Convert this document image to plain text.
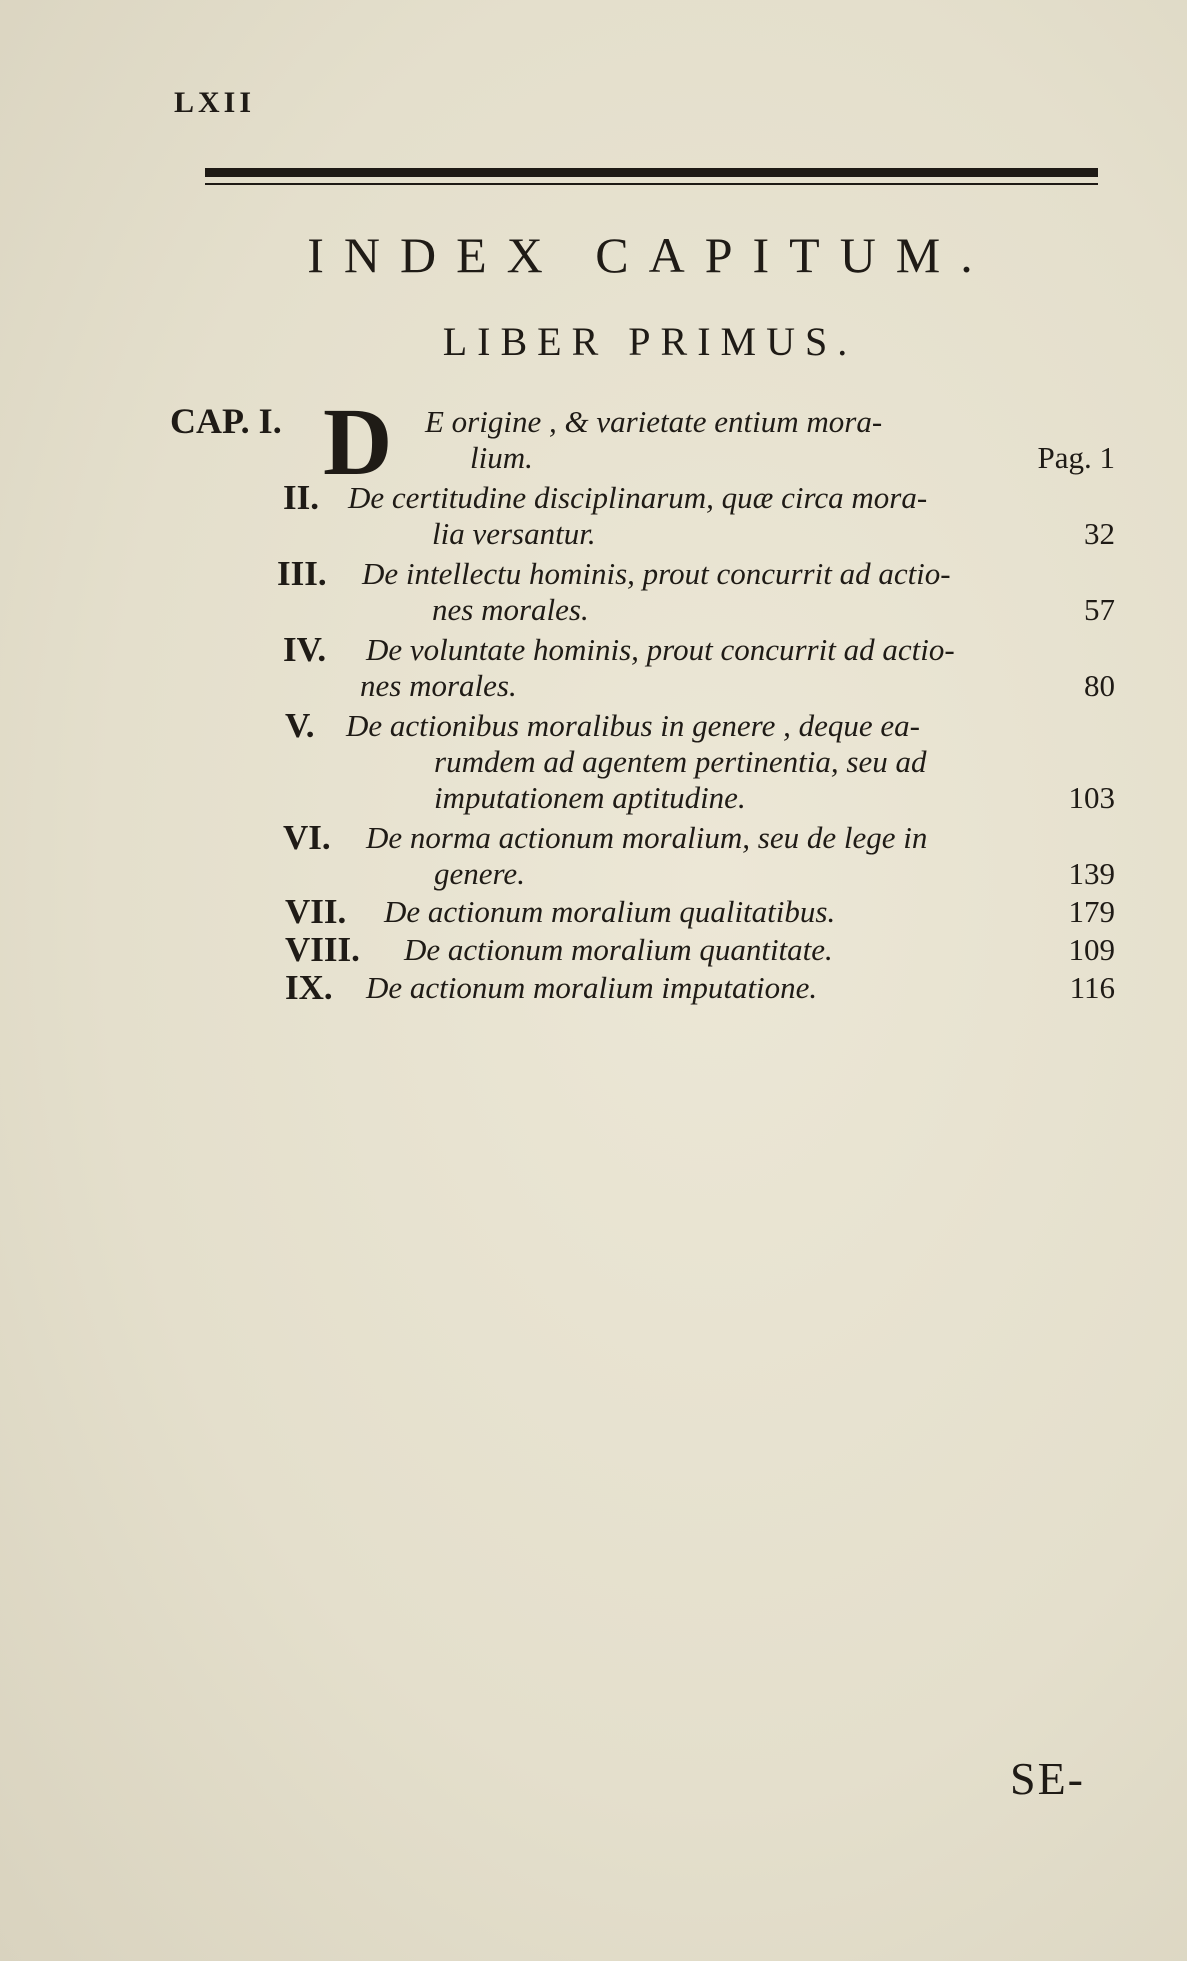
LXII
INDEX CAPITUM.
LIBER PRIMUS.
CAP. I. D E origine , & varietate entium mora-
lium.	Pag. 1
II. De certitudine disciplinarum, quæ circa mora-
lia versantur.	32
III. De intellectu hominis, prout concurrit ad actio-
nes morales.	57
IV. De voluntate hominis, prout concurrit ad actio-
nes morales.	80
V. De actionibus moralibus in genere , deque ea-
rumdem ad agentem pertinentia, seu ad
imputationem aptitudine.	103
VI. De norma actionum moralium, seu de lege in
genere.	139
VII. De actionum moralium qualitatibus.	179
VIII. De actionum moralium quantitate.	109
IX. De actionum moralium imputatione.	116
SE-
